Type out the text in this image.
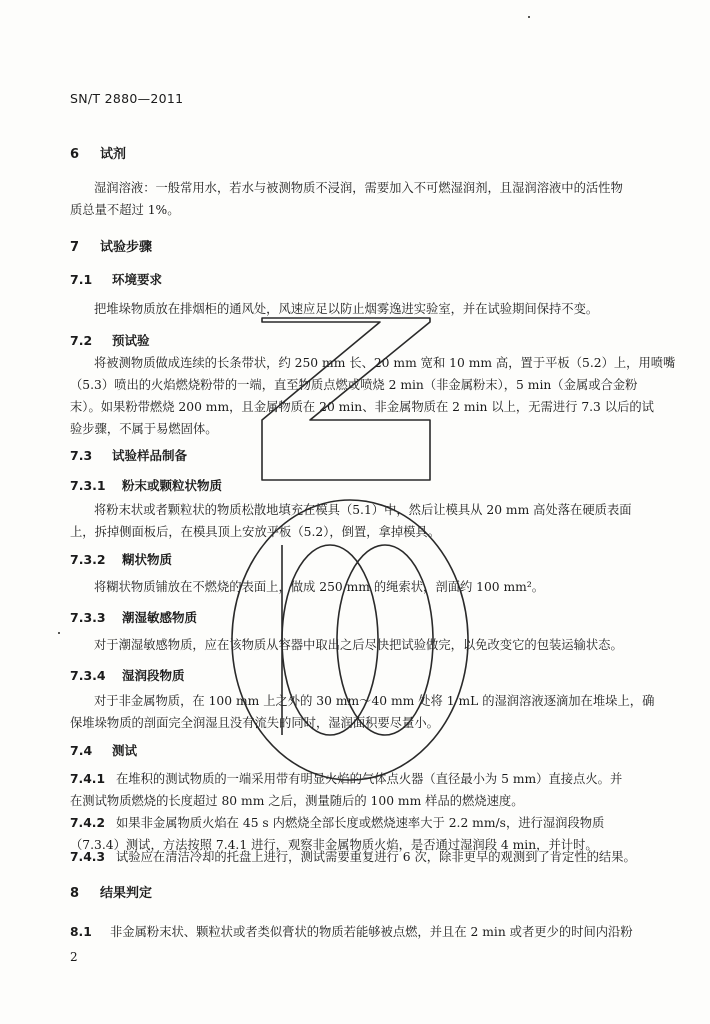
SN/T 2880—2011
6 试剂
湿润溶液：一般常用水，若水与被测物质不浸润，需要加入不可燃湿润剂，且湿润溶液中的活性物
质总量不超过 1%。
7 试验步骤
7.1 环境要求
把堆垛物质放在排烟柜的通风处，风速应足以防止烟雾逸进实验室，并在试验期间保持不变。
7.2 预试验
将被测物质做成连续的长条带状，约 250 mm 长、20 mm 宽和 10 mm 高，置于平板（5.2）上，用喷嘴
（5.3）喷出的火焰燃烧粉带的一端，直至物质点燃或喷烧 2 min（非金属粉末），5 min（金属或合金粉
末）。如果粉带燃烧 200 mm，且金属物质在 20 min、非金属物质在 2 min 以上，无需进行 7.3 以后的试
验步骤，不属于易燃固体。
7.3 试验样品制备
7.3.1 粉末或颗粒状物质
将粉末状或者颗粒状的物质松散地填充在模具（5.1）中，然后让模具从 20 mm 高处落在硬质表面
上，拆掉侧面板后，在模具顶上安放平板（5.2），倒置，拿掉模具。
7.3.2 糊状物质
将糊状物质铺放在不燃烧的表面上，做成 250 mm 的绳索状，剖面约 100 mm²。
7.3.3 潮湿敏感物质
对于潮湿敏感物质，应在该物质从容器中取出之后尽快把试验做完，以免改变它的包装运输状态。
7.3.4 湿润段物质
对于非金属物质，在 100 mm 上之外的 30 mm～40 mm 处将 1 mL 的湿润溶液逐滴加在堆垛上，确
保堆垛物质的剖面完全润湿且没有流失的同时，湿润面积要尽量小。
7.4 测试
7.4.1 在堆积的测试物质的一端采用带有明显火焰的气体点火器（直径最小为 5 mm）直接点火。并
在测试物质燃烧的长度超过 80 mm 之后，测量随后的 100 mm 样品的燃烧速度。
7.4.2 如果非金属物质火焰在 45 s 内燃烧全部长度或燃烧速率大于 2.2 mm/s，进行湿润段物质
（7.3.4）测试，方法按照 7.4.1 进行，观察非金属物质火焰，是否通过湿润段 4 min，并计时。
7.4.3 试验应在清洁冷却的托盘上进行，测试需要重复进行 6 次，除非更早的观测到了肯定性的结果。
8 结果判定
8.1 非金属粉末状、颗粒状或者类似膏状的物质若能够被点燃，并且在 2 min 或者更少的时间内沿粉
2
